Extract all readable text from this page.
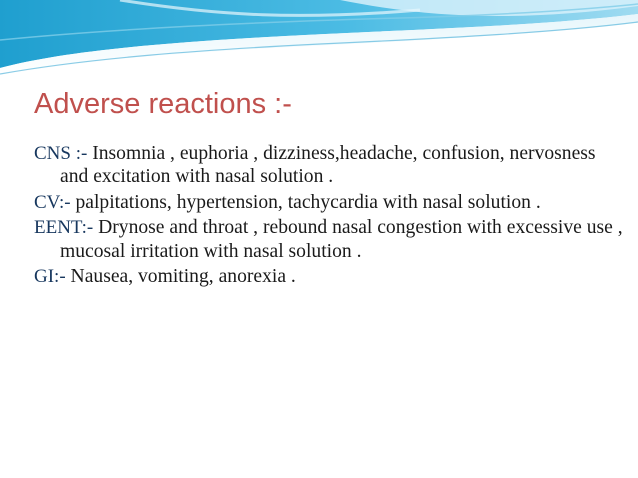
Adverse reactions :-
CNS :- Insomnia , euphoria , dizziness,headache, confusion, nervosness and excitation with nasal solution .
CV:- palpitations, hypertension, tachycardia with nasal solution .
EENT:- Drynose and throat , rebound nasal congestion with excessive use , mucosal irritation with nasal solution .
GI:- Nausea, vomiting, anorexia .
